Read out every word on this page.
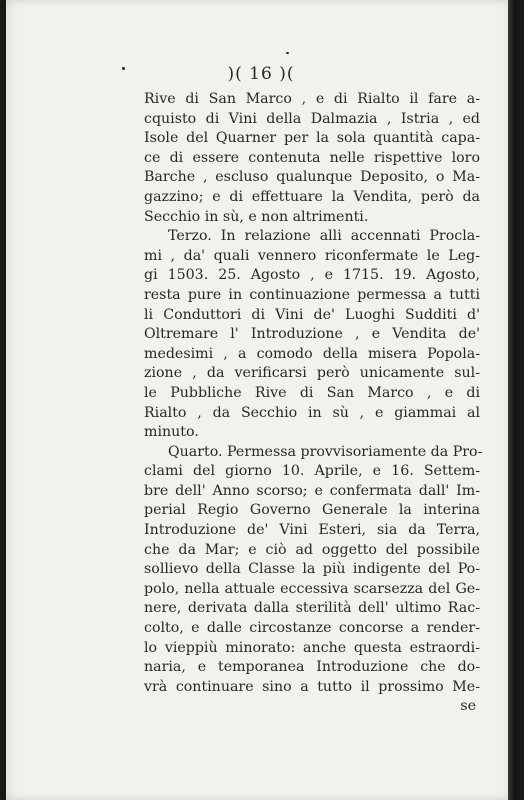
)( 16 )(
Rive di San Marco , e di Rialto il fare a-
cquisto di Vini della Dalmazia , Istria , ed
Isole del Quarner per la sola quantità capa-
ce di essere contenuta nelle rispettive loro
Barche , escluso qualunque Deposito, o Ma-
gazzino; e di effettuare la Vendita, però da
Secchio in sù, e non altrimenti.
Terzo. In relazione alli accennati Procla-
mi , da' quali vennero riconfermate le Leg-
gi 1503. 25. Agosto , e 1715. 19. Agosto,
resta pure in continuazione permessa a tutti
li Conduttori di Vini de' Luoghi Sudditi d'
Oltremare l' Introduzione , e Vendita de'
medesimi , a comodo della misera Popola-
zione , da verificarsi però unicamente sul-
le Pubbliche Rive di San Marco , e di
Rialto , da Secchio in sù , e giammai al
minuto.
Quarto. Permessa provvisoriamente da Pro-
clami del giorno 10. Aprile, e 16. Settem-
bre dell' Anno scorso; e confermata dall' Im-
perial Regio Governo Generale la interina
Introduzione de' Vini Esteri, sia da Terra,
che da Mar; e ciò ad oggetto del possibile
sollievo della Classe la più indigente del Po-
polo, nella attuale eccessiva scarsezza del Ge-
nere, derivata dalla sterilità dell' ultimo Rac-
colto, e dalle circostanze concorse a render-
lo vieppiù minorato: anche questa estraordi-
naria, e temporanea Introduzione che do-
vrà continuare sino a tutto il prossimo Me-
se
